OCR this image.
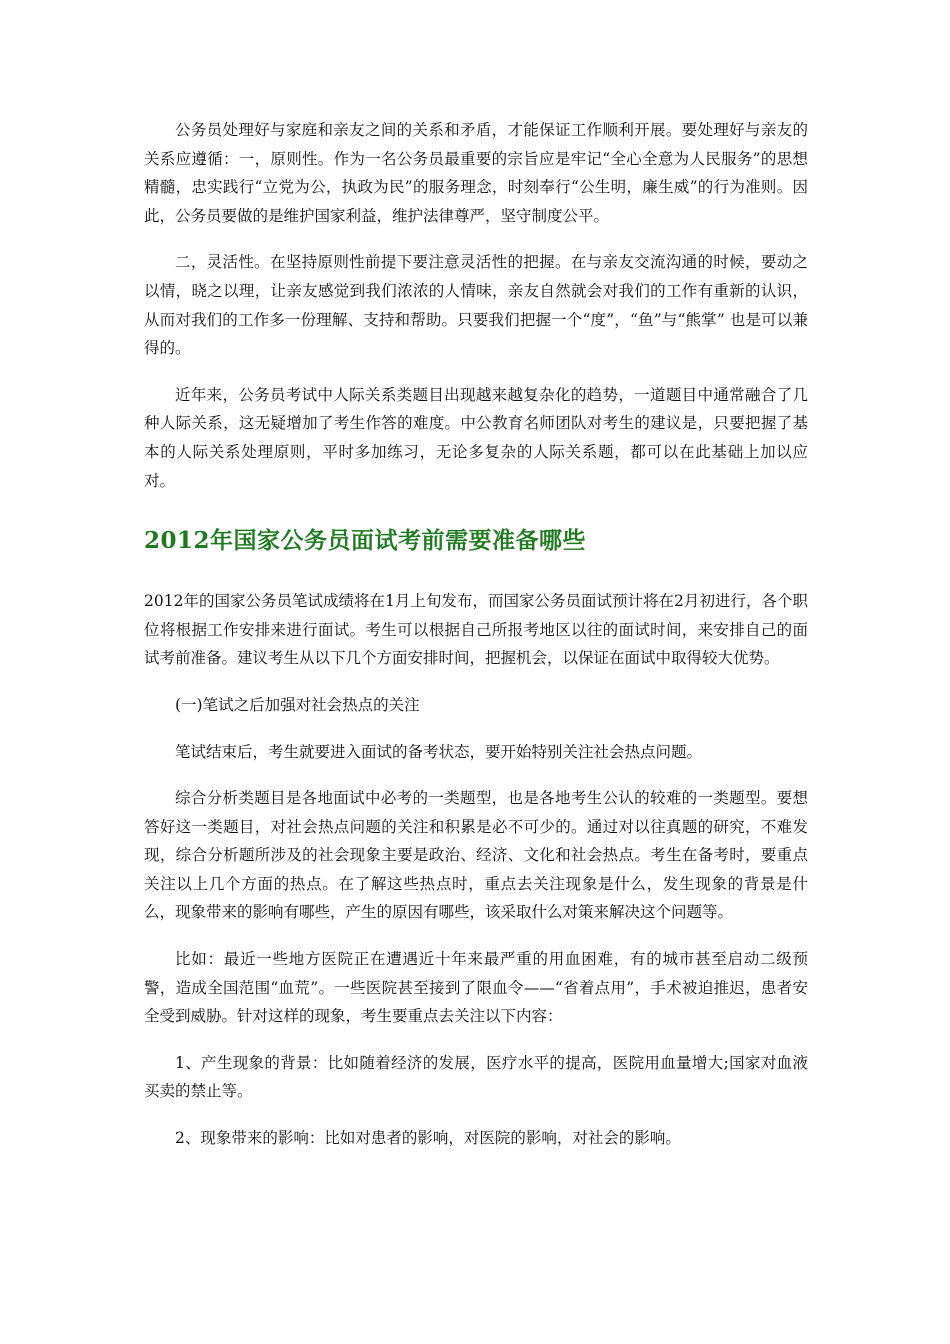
公务员处理好与家庭和亲友之间的关系和矛盾，才能保证工作顺利开展。要处理好与亲友的关系应遵循：一，原则性。作为一名公务员最重要的宗旨应是牢记“全心全意为人民服务”的思想精髓，忠实践行“立党为公，执政为民”的服务理念，时刻奉行“公生明，廉生威”的行为准则。因此，公务员要做的是维护国家利益，维护法律尊严，坚守制度公平。

二，灵活性。在坚持原则性前提下要注意灵活性的把握。在与亲友交流沟通的时候，要动之以情，晓之以理，让亲友感觉到我们浓浓的人情味，亲友自然就会对我们的工作有重新的认识，从而对我们的工作多一份理解、支持和帮助。只要我们把握一个“度”，“鱼”与“熊掌” 也是可以兼得的。

近年来，公务员考试中人际关系类题目出现越来越复杂化的趋势，一道题目中通常融合了几种人际关系，这无疑增加了考生作答的难度。中公教育名师团队对考生的建议是，只要把握了基本的人际关系处理原则，平时多加练习，无论多复杂的人际关系题，都可以在此基础上加以应对。

2012年国家公务员面试考前需要准备哪些

2012年的国家公务员笔试成绩将在1月上旬发布，而国家公务员面试预计将在2月初进行，各个职位将根据工作安排来进行面试。考生可以根据自己所报考地区以往的面试时间，来安排自己的面试考前准备。建议考生从以下几个方面安排时间，把握机会，以保证在面试中取得较大优势。

(一)笔试之后加强对社会热点的关注

笔试结束后，考生就要进入面试的备考状态，要开始特别关注社会热点问题。

综合分析类题目是各地面试中必考的一类题型，也是各地考生公认的较难的一类题型。要想答好这一类题目，对社会热点问题的关注和积累是必不可少的。通过对以往真题的研究，不难发现，综合分析题所涉及的社会现象主要是政治、经济、文化和社会热点。考生在备考时，要重点关注以上几个方面的热点。在了解这些热点时，重点去关注现象是什么，发生现象的背景是什么，现象带来的影响有哪些，产生的原因有哪些，该采取什么对策来解决这个问题等。

比如：最近一些地方医院正在遭遇近十年来最严重的用血困难，有的城市甚至启动二级预警，造成全国范围“血荒”。一些医院甚至接到了限血令——“省着点用”，手术被迫推迟，患者安全受到威胁。针对这样的现象，考生要重点去关注以下内容：

1、产生现象的背景：比如随着经济的发展，医疗水平的提高，医院用血量增大;国家对血液买卖的禁止等。

2、现象带来的影响：比如对患者的影响，对医院的影响，对社会的影响。
